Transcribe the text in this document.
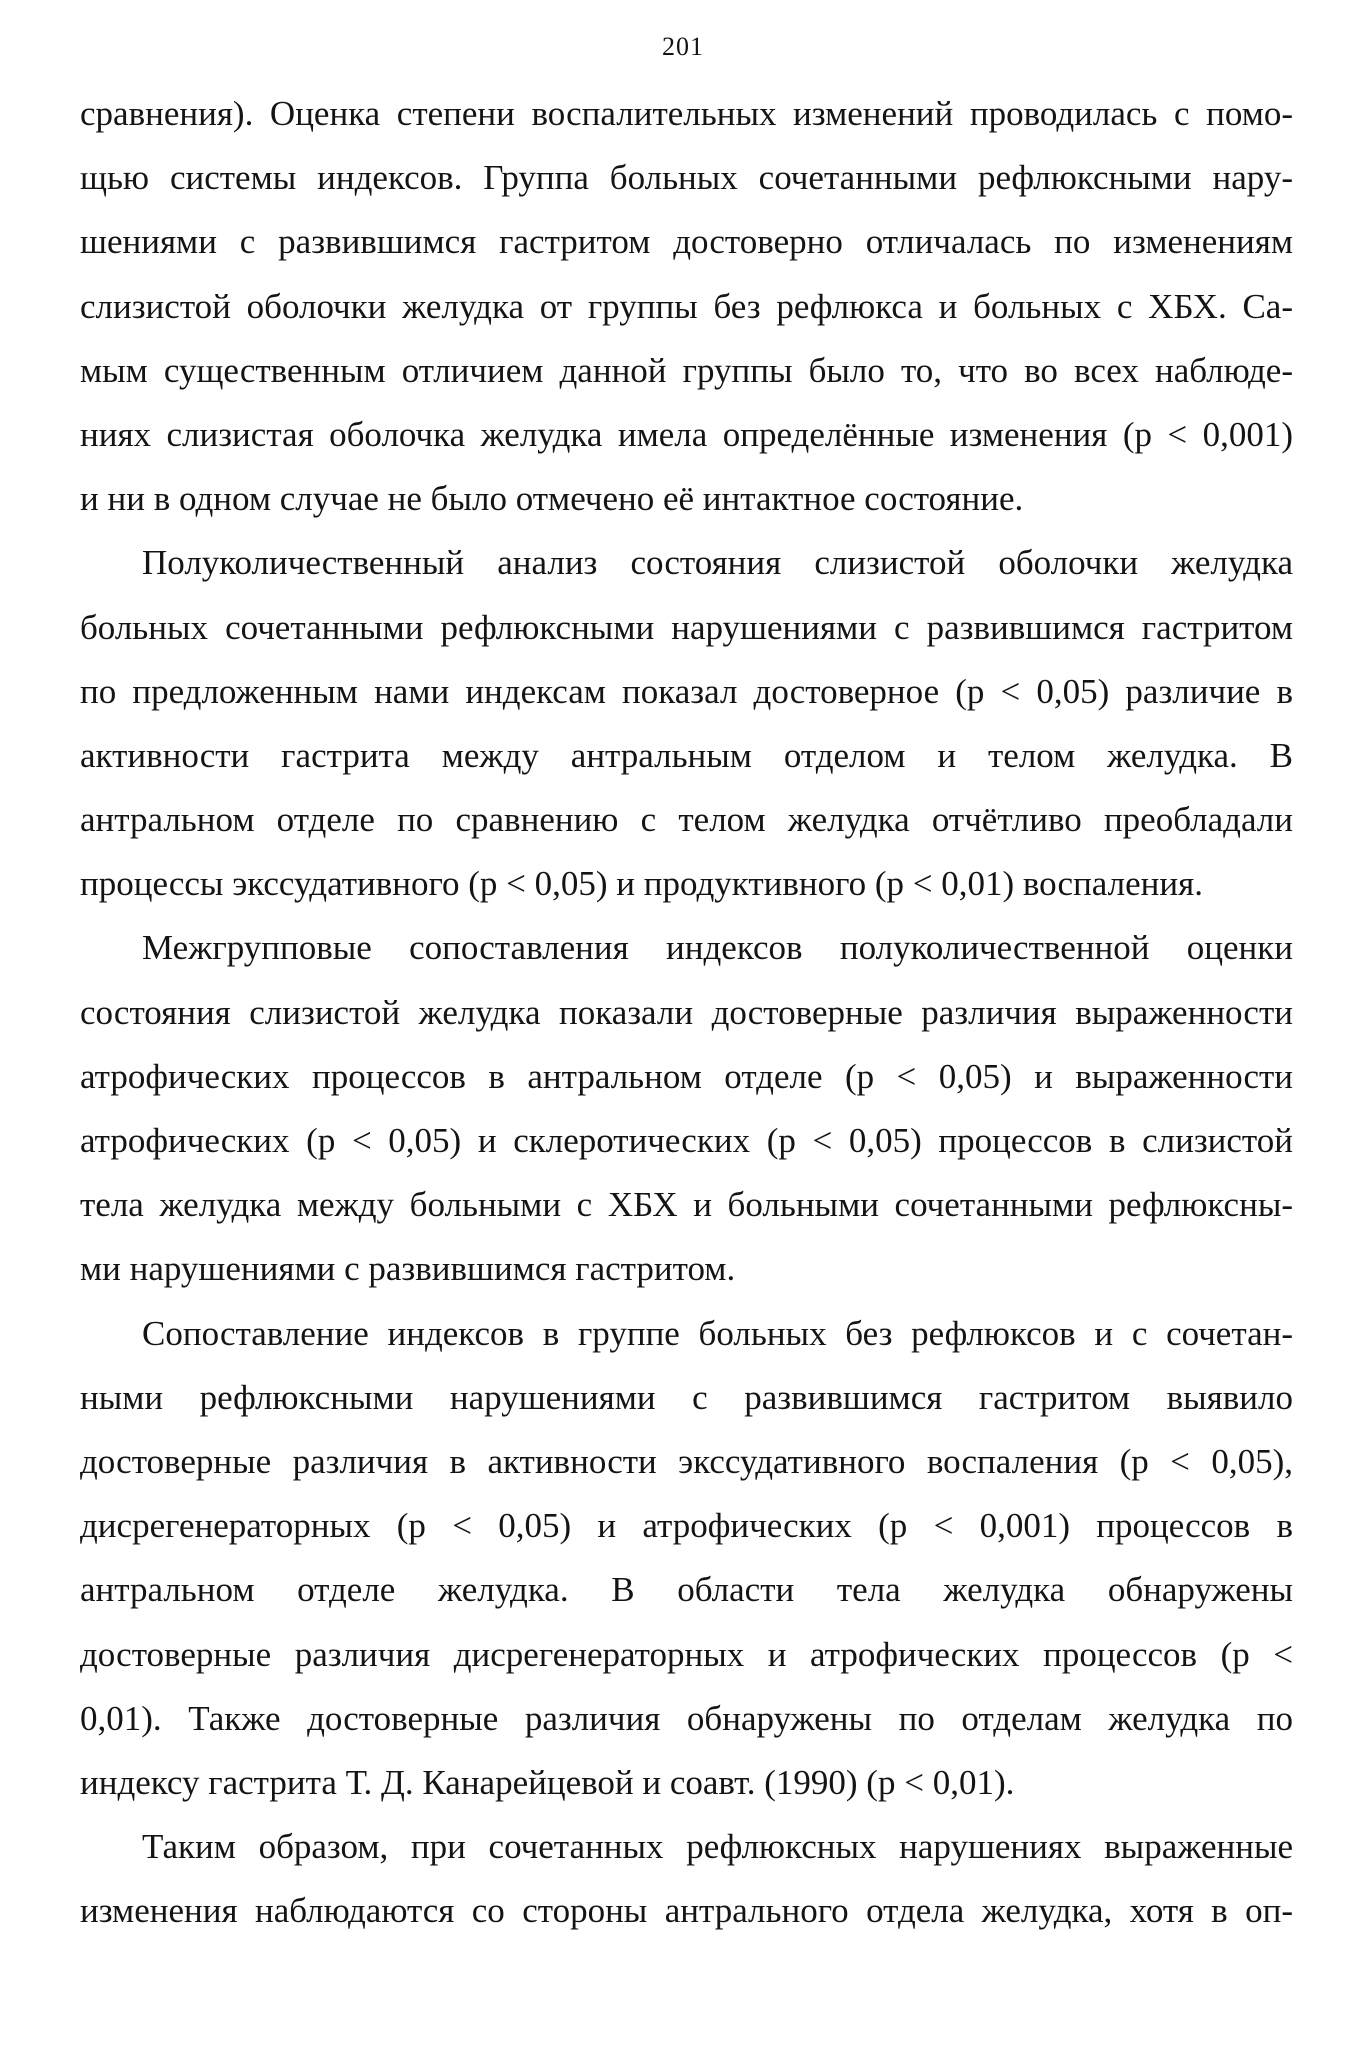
201
сравнения). Оценка степени воспалительных изменений проводилась с помо-
щью системы индексов. Группа больных сочетанными рефлюксными нару-
шениями с развившимся гастритом достоверно отличалась по изменениям
слизистой оболочки желудка от группы без рефлюкса и больных с ХБХ. Са-
мым существенным отличием данной группы было то, что во всех наблюде-
ниях слизистая оболочка желудка имела определённые изменения (р < 0,001)
и ни в одном случае не было отмечено её интактное состояние.
Полуколичественный анализ состояния слизистой оболочки желудка
больных сочетанными рефлюксными нарушениями с развившимся гастритом
по предложенным нами индексам показал достоверное (р < 0,05) различие в
активности гастрита между антральным отделом и телом желудка. В
антральном отделе по сравнению с телом желудка отчётливо преобладали
процессы экссудативного (р < 0,05) и продуктивного (р < 0,01) воспаления.
Межгрупповые сопоставления индексов полуколичественной оценки
состояния слизистой желудка показали достоверные различия выраженности
атрофических процессов в антральном отделе (р < 0,05) и выраженности
атрофических (р < 0,05) и склеротических (р < 0,05) процессов в слизистой
тела желудка между больными с ХБХ и больными сочетанными рефлюксны-
ми нарушениями с развившимся гастритом.
Сопоставление индексов в группе больных без рефлюксов и с сочетан-
ными рефлюксными нарушениями с развившимся гастритом выявило
достоверные различия в активности экссудативного воспаления (р < 0,05),
дисрегенераторных (р < 0,05) и атрофических (р < 0,001) процессов в
антральном отделе желудка. В области тела желудка обнаружены
достоверные различия дисрегенераторных и атрофических процессов (р <
0,01). Также достоверные различия обнаружены по отделам желудка по
индексу гастрита Т. Д. Канарейцевой и соавт. (1990) (р < 0,01).
Таким образом, при сочетанных рефлюксных нарушениях выраженные
изменения наблюдаются со стороны антрального отдела желудка, хотя в оп-
